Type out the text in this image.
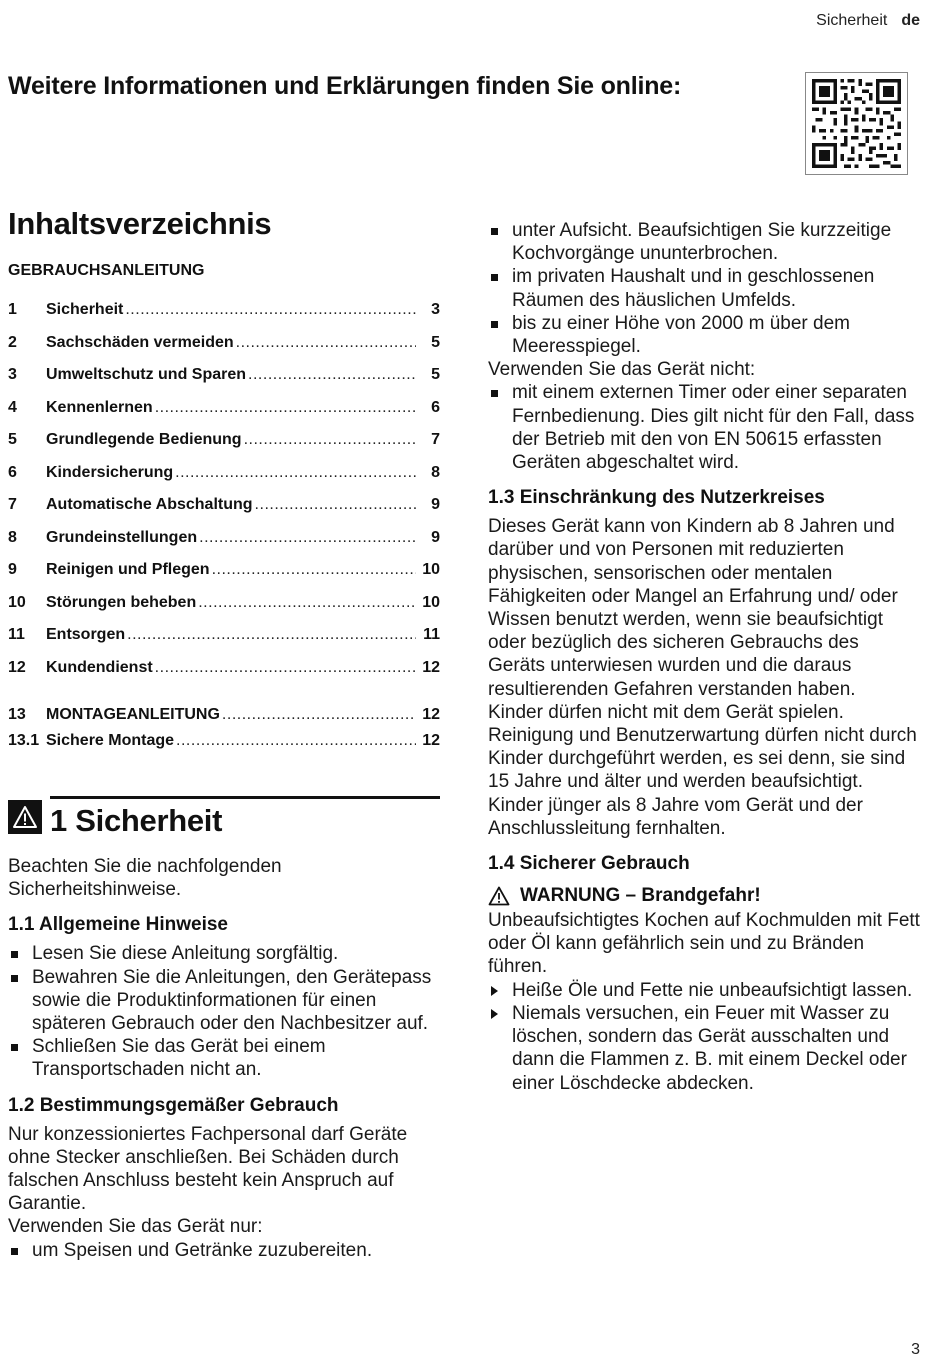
Sicherheit de
Weitere Informationen und Erklärungen finden Sie online:
Inhaltsverzeichnis
GEBRAUCHSANLEITUNG
1	Sicherheit .....	3
2	Sachschäden vermeiden .....	5
3	Umweltschutz und Sparen .....	5
4	Kennenlernen .....	6
5	Grundlegende Bedienung .....	7
6	Kindersicherung .....	8
7	Automatische Abschaltung .....	9
8	Grundeinstellungen .....	9
9	Reinigen und Pflegen .....	10
10	Störungen beheben .....	10
11	Entsorgen .....	11
12	Kundendienst .....	12
13	MONTAGEANLEITUNG .....	12
13.1 Sichere Montage .....	12
1 Sicherheit

Beachten Sie die nachfolgenden Sicherheitshinweise.

1.1 Allgemeine Hinweise
Lesen Sie diese Anleitung sorgfältig.
Bewahren Sie die Anleitungen, den Gerätepass sowie die Produktinformationen für einen späteren Gebrauch oder den Nachbesitzer auf.
Schließen Sie das Gerät bei einem Transportschaden nicht an.
1.2 Bestimmungsgemäßer Gebrauch

Nur konzessioniertes Fachpersonal darf Geräte ohne Stecker anschließen. Bei Schäden durch falschen Anschluss besteht kein Anspruch auf Garantie.

Verwenden Sie das Gerät nur:

um Speisen und Getränke zuzubereiten.
unter Aufsicht. Beaufsichtigen Sie kurzzeitige Kochvorgänge ununterbrochen.
im privaten Haushalt und in geschlossenen Räumen des häuslichen Umfelds.
bis zu einer Höhe von 2000 m über dem Meeresspiegel.

Verwenden Sie das Gerät nicht:

mit einem externen Timer oder einer separaten Fernbedienung. Dies gilt nicht für den Fall, dass der Betrieb mit den von EN 50615 erfassten Geräten abgeschaltet wird.
1.3 Einschränkung des Nutzerkreises

Dieses Gerät kann von Kindern ab 8 Jahren und darüber und von Personen mit reduzierten physischen, sensorischen oder mentalen Fähigkeiten oder Mangel an Erfahrung und/ oder Wissen benutzt werden, wenn sie beaufsichtigt oder bezüglich des sicheren Gebrauchs des Geräts unterwiesen wurden und die daraus resultierenden Gefahren verstanden haben.

Kinder dürfen nicht mit dem Gerät spielen.

Reinigung und Benutzerwartung dürfen nicht durch Kinder durchgeführt werden, es sei denn, sie sind 15 Jahre und älter und werden beaufsichtigt.

Kinder jünger als 8 Jahre vom Gerät und der Anschlussleitung fernhalten.

1.4 Sicherer Gebrauch
WARNUNG – Brandgefahr!

Unbeaufsichtigtes Kochen auf Kochmulden mit Fett oder Öl kann gefährlich sein und zu Bränden führen.

Heiße Öle und Fette nie unbeaufsichtigt lassen.
Niemals versuchen, ein Feuer mit Wasser zu löschen, sondern das Gerät ausschalten und dann die Flammen z. B. mit einem Deckel oder einer Löschdecke abdecken.
3
